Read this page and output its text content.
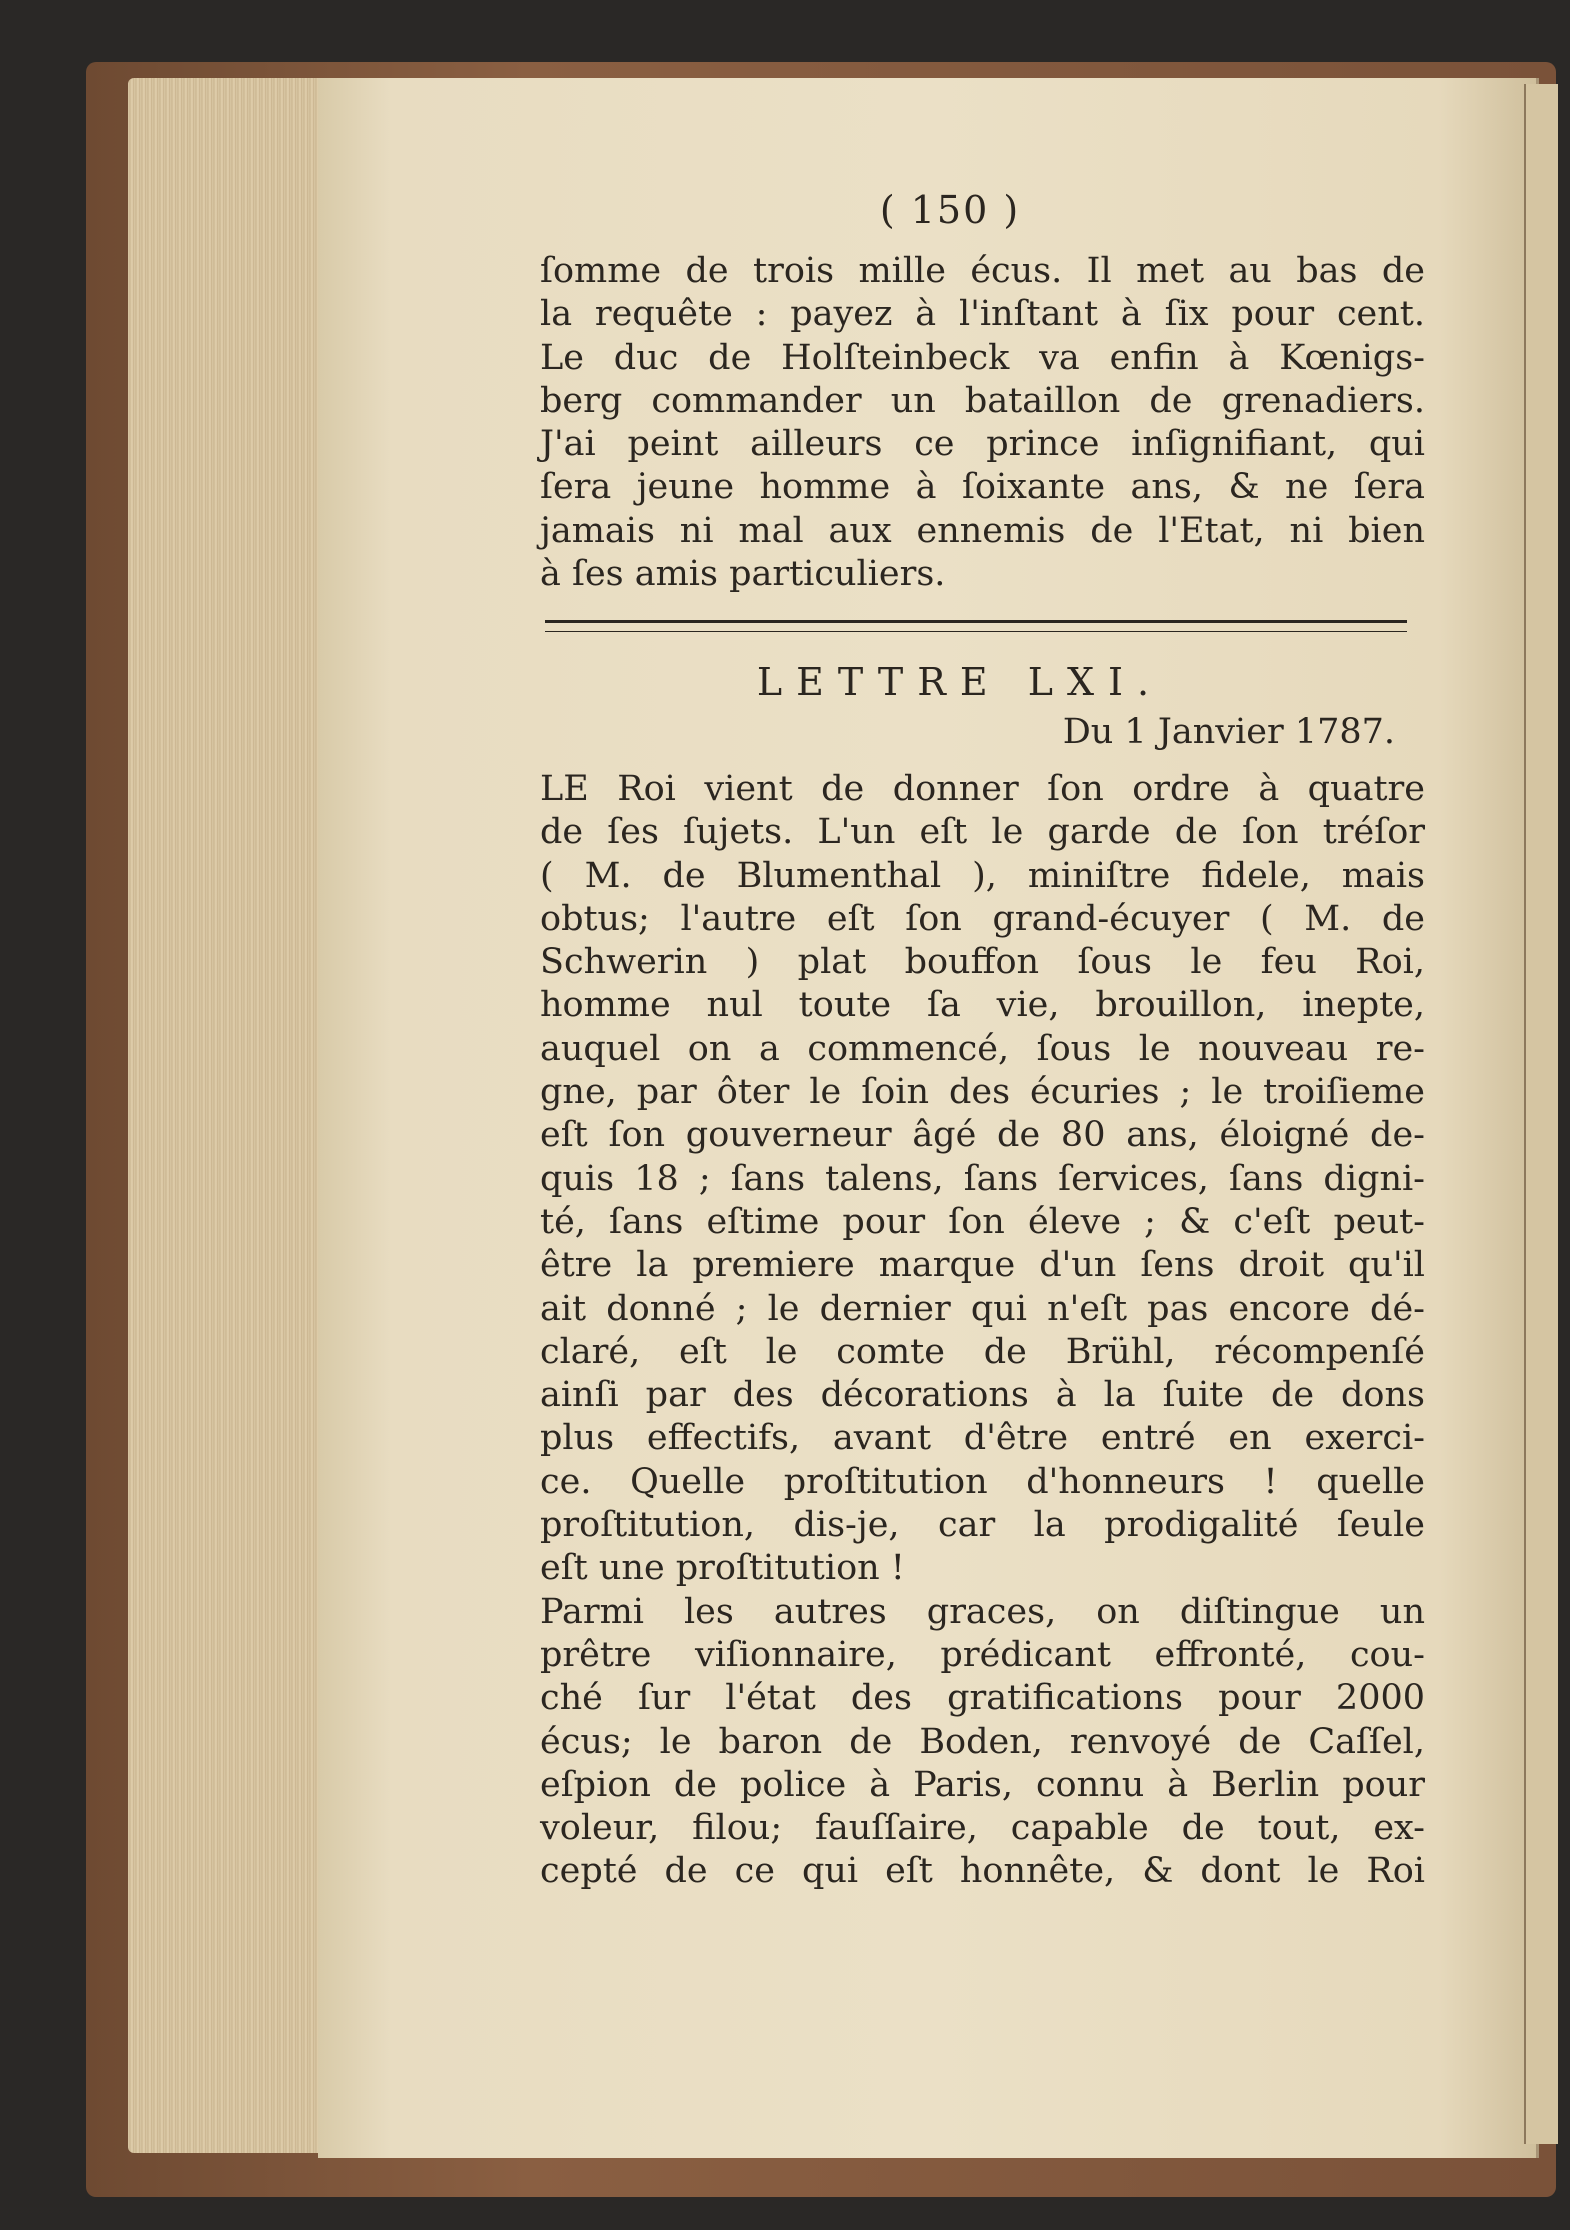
( 150 )
ſomme de trois mille écus. Il met au bas de
la requête : payez à l'inſtant à ſix pour cent.
Le duc de Holſteinbeck va enfin à Kœnigs-
berg commander un bataillon de grenadiers.
J'ai peint ailleurs ce prince inſignifiant, qui
ſera jeune homme à ſoixante ans, & ne ſera
jamais ni mal aux ennemis de l'Etat, ni bien
à ſes amis particuliers.
LETTRE LXI.
Du 1 Janvier 1787.
LE Roi vient de donner ſon ordre à quatre
de ſes ſujets. L'un eſt le garde de ſon tréſor
( M. de Blumenthal ), miniſtre fidele, mais
obtus; l'autre eſt ſon grand-écuyer ( M. de
Schwerin ) plat bouffon ſous le feu Roi,
homme nul toute ſa vie, brouillon, inepte,
auquel on a commencé, ſous le nouveau re-
gne, par ôter le ſoin des écuries ; le troiſieme
eſt ſon gouverneur âgé de 80 ans, éloigné de-
quis 18 ; ſans talens, ſans ſervices, ſans digni-
té, ſans eſtime pour ſon éleve ; & c'eſt peut-
être la premiere marque d'un ſens droit qu'il
ait donné ; le dernier qui n'eſt pas encore dé-
claré, eſt le comte de Brühl, récompenſé
ainſi par des décorations à la ſuite de dons
plus effectifs, avant d'être entré en exerci-
ce. Quelle proſtitution d'honneurs ! quelle
proſtitution, dis-je, car la prodigalité ſeule
eſt une proſtitution !
Parmi les autres graces, on diſtingue un
prêtre viſionnaire, prédicant effronté, cou-
ché ſur l'état des gratifications pour 2000
écus; le baron de Boden, renvoyé de Caſſel,
eſpion de police à Paris, connu à Berlin pour
voleur, filou; fauſſaire, capable de tout, ex-
cepté de ce qui eſt honnête, & dont le Roi
